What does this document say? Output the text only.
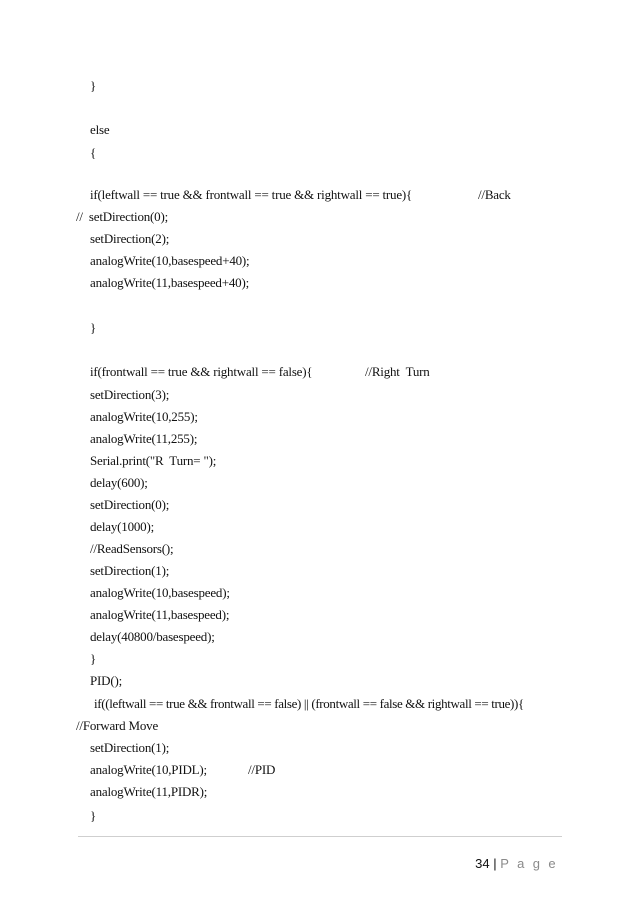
}
else
{
if(leftwall == true && frontwall == true && rightwall == true){	//Back
//  setDirection(0);
setDirection(2);
analogWrite(10,basespeed+40);
analogWrite(11,basespeed+40);
}
if(frontwall == true && rightwall == false){	//Right  Turn
setDirection(3);
analogWrite(10,255);
analogWrite(11,255);
Serial.print("R  Turn= ");
delay(600);
setDirection(0);
delay(1000);
//ReadSensors();
setDirection(1);
analogWrite(10,basespeed);
analogWrite(11,basespeed);
delay(40800/basespeed);
}
PID();
if((leftwall == true && frontwall == false) || (frontwall == false && rightwall == true)){
//Forward Move
setDirection(1);
analogWrite(10,PIDL);	//PID
analogWrite(11,PIDR);
}

34 | P a g e
